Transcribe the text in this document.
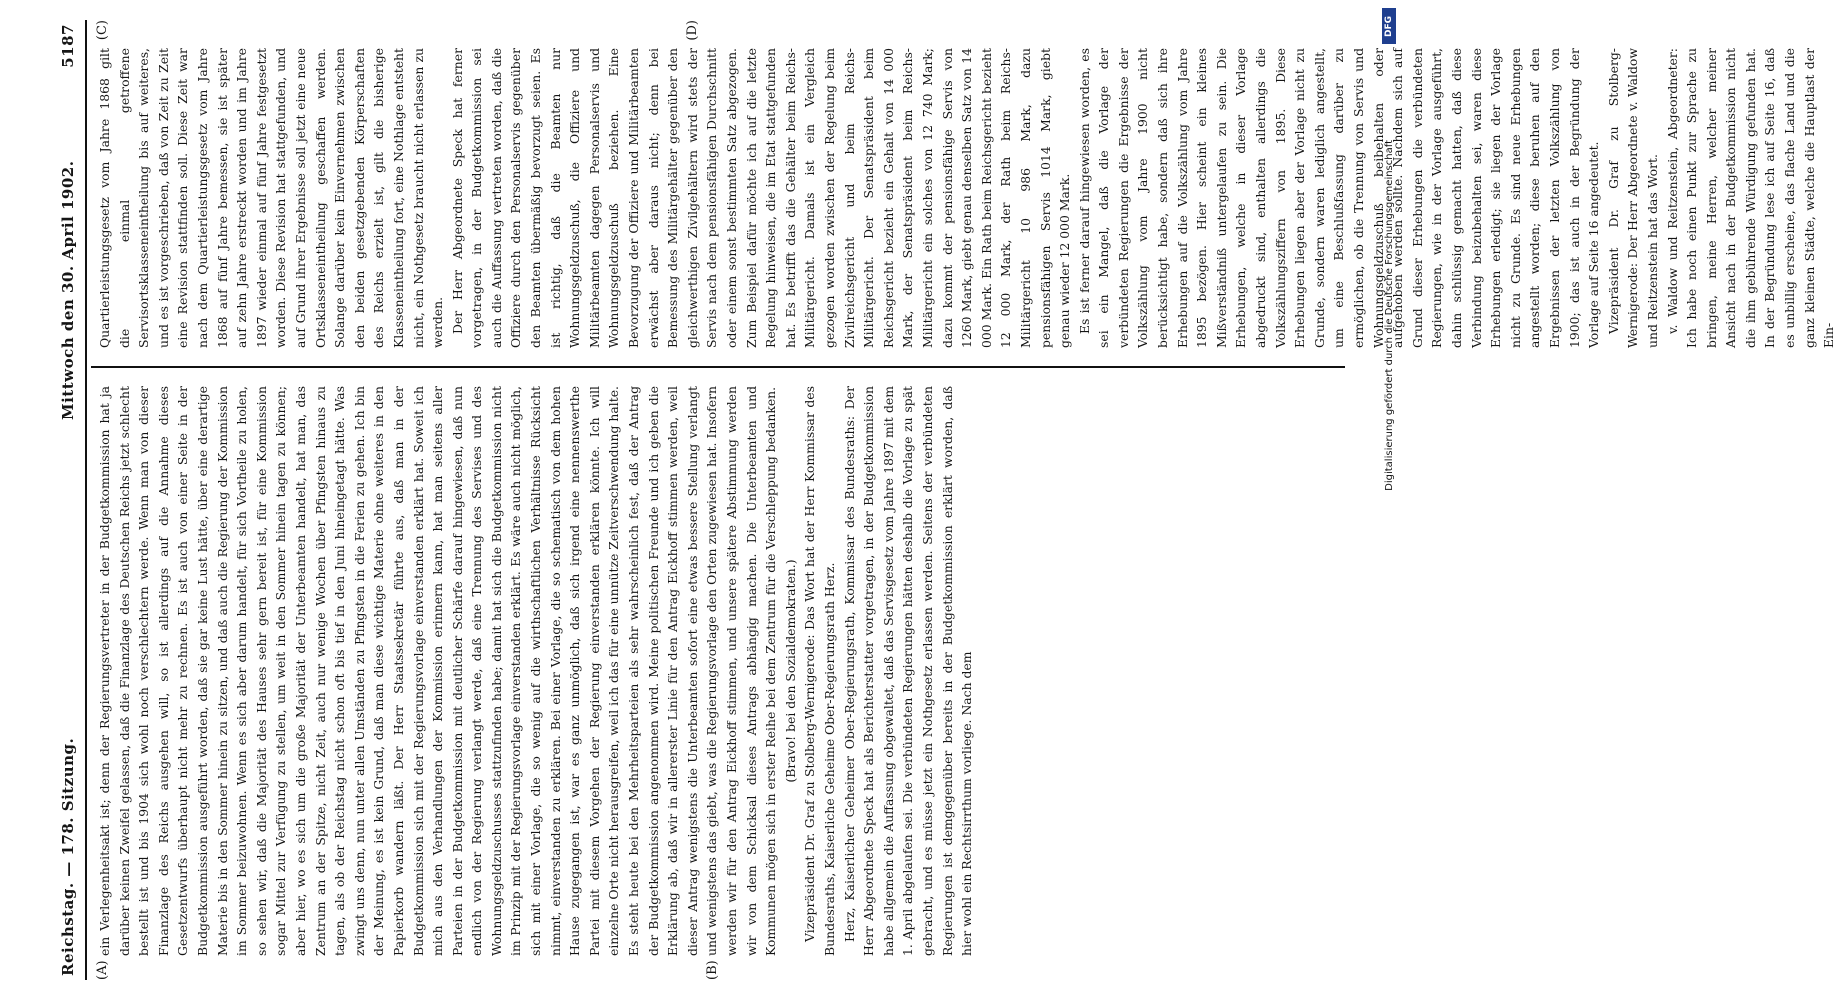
Reichstag. — 178. Sitzung.
Mittwoch den 30. April 1902.
5187
(A)	(B)
(C)	(D)

ein Verlegenheitsakt ist; denn der Regierungsvertreter in der Budgetkommission hat ja darüber keinen Zweifel gelassen, daß die Finanzlage des Deutschen Reichs jetzt schlecht bestellt ist und bis 1904 sich wohl noch verschlechtern werde. Wenn man von dieser Finanzlage des Reichs ausgehen will, so ist allerdings auf die Annahme dieses Gesetzentwurfs überhaupt nicht mehr zu rechnen. Es ist auch von einer Seite in der Budgetkommission ausgeführt worden, daß sie gar keine Lust hätte, über eine derartige Materie bis in den Sommer hinein zu sitzen, und daß auch die Regierung der Kommission im Sommer beizuwohnen. Wenn es sich aber darum handelt, für sich Vortheile zu holen, so sehen wir, daß die Majorität des Hauses sehr gern bereit ist, für eine Kommission sogar Mittel zur Verfügung zu stellen, um weit in den Sommer hinein tagen zu können; aber hier, wo es sich um die große Majorität der Unterbeamten handelt, hat man, das Zentrum an der Spitze, nicht Zeit, auch nur wenige Wochen über Pfingsten hinaus zu tagen, als ob der Reichstag nicht schon oft bis tief in den Juni hineingetagt hätte. Was zwingt uns denn, nun unter allen Umständen zu Pfingsten in die Ferien zu gehen. Ich bin der Meinung, es ist kein Grund, daß man diese wichtige Materie ohne weiteres in den Papierkorb wandern läßt. Der Herr Staatssekretär führte aus, daß man in der Budgetkommission sich mit der Regierungsvorlage einverstanden erklärt hat. Soweit ich mich aus den Verhandlungen der Kommission erinnern kann, hat man seitens aller Parteien in der Budgetkommission mit deutlicher Schärfe darauf hingewiesen, daß nun endlich von der Regierung verlangt werde, daß eine Trennung des Servises und des Wohnungsgeldzuschusses stattzufinden habe; damit hat sich die Budgetkommission nicht im Prinzip mit der Regierungsvorlage einverstanden erklärt. Es wäre auch nicht möglich, sich mit einer Vorlage, die so wenig auf die wirthschaftlichen Verhältnisse Rücksicht nimmt, einverstanden zu erklären. Bei einer Vorlage, die so schematisch von dem hohen Hause zugegangen ist, war es ganz unmöglich, daß sich irgend eine nennenswerthe Partei mit diesem Vorgehen der Regierung einverstanden erklären könnte. Ich will einzelne Orte nicht herausgreifen, weil ich das für eine unnütze Zeitverschwendung halte. Es steht heute bei den Mehrheitsparteien als sehr wahrscheinlich fest, daß der Antrag der Budgetkommission angenommen wird. Meine politischen Freunde und ich geben die Erklärung ab, daß wir in allererster Linie für den Antrag Eickhoff stimmen werden, weil dieser Antrag wenigstens die Unterbeamten sofort eine etwas bessere Stellung verlangt und wenigstens das giebt, was die Regierungsvorlage den Orten zugewiesen hat. Insofern werden wir für den Antrag Eickhoff stimmen, und unsere spätere Abstimmung werden wir von dem Schicksal dieses Antrags abhängig machen. Die Unterbeamten und Kommunen mögen sich in erster Reihe bei dem Zentrum für die Verschleppung bedanken. (Bravo! bei den Sozialdemokraten.) Vizepräsident Dr. Graf zu Stolberg-Wernigerode: Das Wort hat der Herr Kommissar des Bundesraths, Kaiserliche Geheime Ober-Regierungsrath Herz. Herz, Kaiserlicher Geheimer Ober-Regierungsrath, Kommissar des Bundesraths: Der Herr Abgeordnete Speck hat als Berichterstatter vorgetragen, in der Budgetkommission habe allgemein die Auffassung obgewaltet, daß das Servisgesetz vom Jahre 1897 mit dem 1. April abgelaufen sei. Die verbündeten Regierungen hätten deshalb die Vorlage zu spät gebracht, und es müsse jetzt ein Nothgesetz erlassen werden. Seitens der verbündeten Regierungen ist demgegenüber bereits in der Budgetkommission erklärt worden, daß hier wohl ein Rechtsirrthum vorliege. Nach dem

Quartierleistungsgesetz vom Jahre 1868 gilt die einmal getroffene Servisortsklasseneintheilung bis auf weiteres, und es ist vorgeschrieben, daß von Zeit zu Zeit eine Revision stattfinden soll. Diese Zeit war nach dem Quartierleistungsgesetz vom Jahre 1868 auf fünf Jahre bemessen, sie ist später auf zehn Jahre erstreckt worden und im Jahre 1897 wieder einmal auf fünf Jahre festgesetzt worden. Diese Revision hat stattgefunden, und auf Grund ihrer Ergebnisse soll jetzt eine neue Ortsklasseneintheilung geschaffen werden. Solange darüber kein Einvernehmen zwischen den beiden gesetzgebenden Körperschaften des Reichs erzielt ist, gilt die bisherige Klasseneintheilung fort, eine Nothlage entsteht nicht, ein Nothgesetz braucht nicht erlassen zu werden. Der Herr Abgeordnete Speck hat ferner vorgetragen, in der Budgetkommission sei auch die Auffassung vertreten worden, daß die Offiziere durch den Personalservis gegenüber den Beamten übermäßig bevorzugt seien. Es ist richtig, daß die Beamten nur Wohnungsgeldzuschuß, die Offiziere und Militärbeamten dagegen Personalservis und Wohnungsgeldzuschuß beziehen. Eine Bevorzugung der Offiziere und Militärbeamten erwächst aber daraus nicht; denn bei Bemessung des Militärgehälter gegenüber den gleichwerthigen Zivilgehältern wird stets der Servis nach dem pensionsfähigen Durchschnitt oder einem sonst bestimmten Satz abgezogen. Zum Beispiel dafür möchte ich auf die letzte Regelung hinweisen, die im Etat stattgefunden hat. Es betrifft das die Gehälter beim Reichs-Militärgericht. Damals ist ein Vergleich gezogen worden zwischen der Regelung beim Zivilreichsgericht und beim Reichs-Militärgericht. Der Senatspräsident beim Reichsgericht bezieht ein Gehalt von 14 000 Mark, der Senatspräsident beim Reichs-Militärgericht ein solches von 12 740 Mark; dazu kommt der pensionsfähige Servis von 1260 Mark, giebt genau denselben Satz von 14 000 Mark. Ein Rath beim Reichsgericht bezieht 12 000 Mark, der Rath beim Reichs-Militärgericht 10 986 Mark, dazu pensionsfähigen Servis 1014 Mark, giebt genau wieder 12 000 Mark. Es ist ferner darauf hingewiesen worden, es sei ein Mangel, daß die Vorlage der verbündeten Regierungen die Ergebnisse der Volkszählung vom Jahre 1900 nicht berücksichtigt habe, sondern daß sich ihre Erhebungen auf die Volkszählung vom Jahre 1895 bezögen. Hier scheint ein kleines Mißverständniß untergelaufen zu sein. Die Erhebungen, welche in dieser Vorlage abgedruckt sind, enthalten allerdings die Volkszählungsziffern von 1895. Diese Erhebungen liegen aber der Vorlage nicht zu Grunde, sondern waren lediglich angestellt, um eine Beschlußfassung darüber zu ermöglichen, ob die Trennung von Servis und Wohnungsgeldzuschuß beibehalten oder aufgehoben werden sollte. Nachdem sich auf Grund dieser Erhebungen die verbündeten Regierungen, wie in der Vorlage ausgeführt, dahin schlüssig gemacht hatten, daß diese Verbindung beizubehalten sei, waren diese Erhebungen erledigt; sie liegen der Vorlage nicht zu Grunde. Es sind neue Erhebungen angestellt worden; diese beruhen auf den Ergebnissen der letzten Volkszählung von 1900; das ist auch in der Begründung der Vorlage auf Seite 16 angedeutet. Vizepräsident Dr. Graf zu Stolberg-Wernigerode: Der Herr Abgeordnete v. Waldow und Reitzenstein hat das Wort. v. Waldow und Reitzenstein, Abgeordneter: Ich habe noch einen Punkt zur Sprache zu bringen, meine Herren, welcher meiner Ansicht nach in der Budgetkommission nicht die ihm gebührende Würdigung gefunden hat. In der Begründung lese ich auf Seite 16, daß es unbillig erscheine, das flache Land und die ganz kleinen Städte, welche die Hauptlast der Ein-

DFG
Digitalisierung gefördert durch die Deutsche Forschungsgemeinschaft
